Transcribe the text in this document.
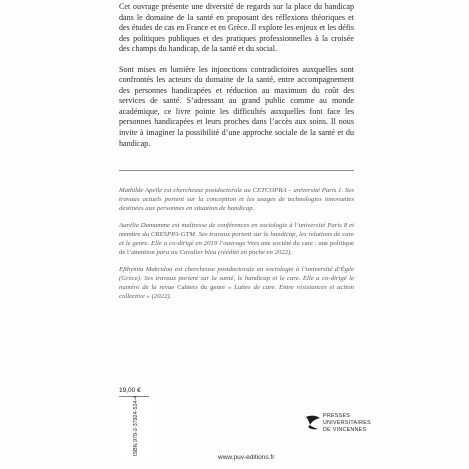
Cet ouvrage présente une diversité de regards sur la place du handicap dans le domaine de la santé en proposant des réflexions théoriques et des études de cas en France et en Grèce. Il explore les enjeux et les défis des politiques publiques et des pratiques professionnelles à la croisée des champs du handicap, de la santé et du social.

Sont mises en lumière les injonctions contradictoires auxquelles sont confrontés les acteurs du domaine de la santé, entre accompagnement des personnes handicapées et réduction au maximum du coût des services de santé. S’adressant au grand public comme au monde académique, ce livre pointe les difficultés auxquelles font face les personnes handicapées et leurs proches dans l’accès aux soins. Il nous invite à imaginer la possibilité d’une approche sociale de la santé et du handicap.

Mathilde Apelle est chercheuse postdoctorale au CETCOPRA – université Paris 1. Ses travaux actuels portent sur la conception et les usages de technologies innovantes destinées aux personnes en situation de handicap.

Aurélie Damamme est maîtresse de conférences en sociologie à l’université Paris 8 et membre du CRESPPA-GTM. Ses travaux portent sur le handicap, les relations de care et le genre. Elle a co-dirigé en 2019 l’ouvrage Vers une société du care : une politique de l’attention paru au Cavalier bleu (réédité en poche en 2022).

Efthymia Makridou est chercheuse postdoctorale en sociologie à l’université d’Égée (Grèce). Ses travaux portent sur la santé, le handicap et le care. Elle a co-dirigé le numéro de la revue Cahiers du genre « Luttes de care. Entre résistances et action collective » (2022).

19,00 €
ISBN 978-2-37924-524-4
www.puv-editions.fr
PRESSES
UNIVERSITAIRES
DE VINCENNES
